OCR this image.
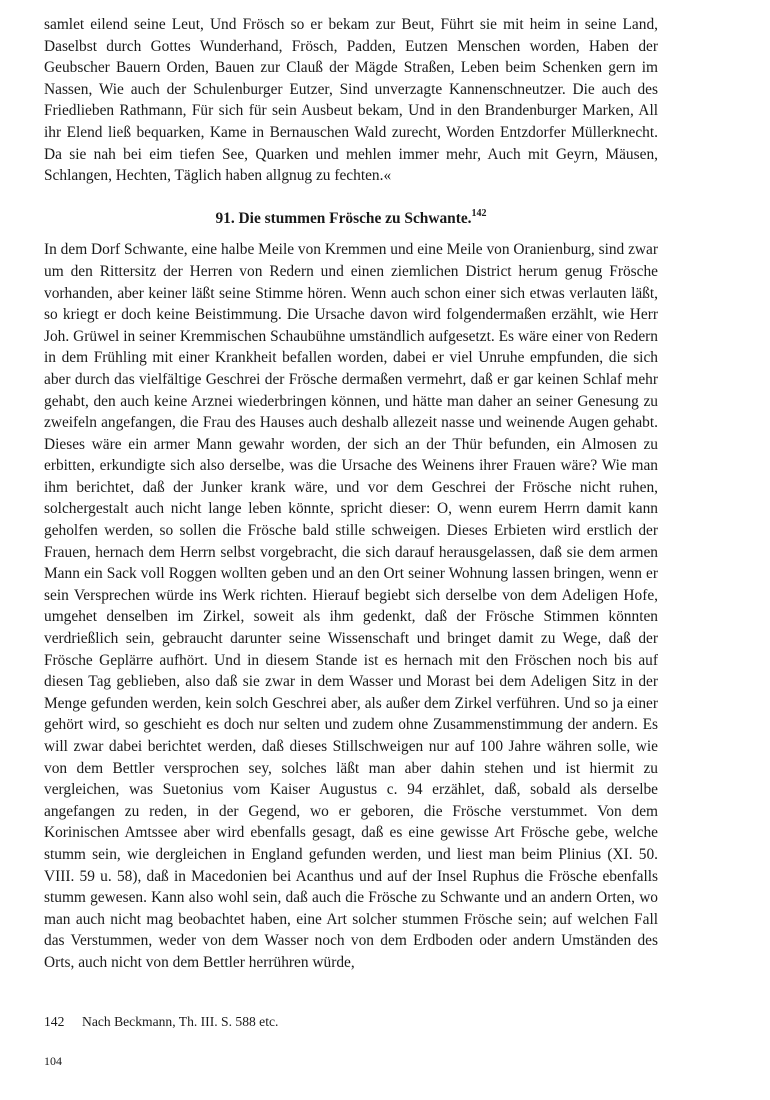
samlet eilend seine Leut, Und Frösch so er bekam zur Beut, Führt sie mit heim in seine Land, Daselbst durch Gottes Wunderhand, Frösch, Padden, Eutzen Menschen worden, Haben der Geubscher Bauern Orden, Bauen zur Clauß der Mägde Straßen, Leben beim Schenken gern im Nassen, Wie auch der Schulenburger Eutzer, Sind unverzagte Kannenschneutzer. Die auch des Friedlieben Rathmann, Für sich für sein Ausbeut bekam, Und in den Brandenburger Marken, All ihr Elend ließ bequarken, Kame in Bernauschen Wald zurecht, Worden Entzdorfer Müllerknecht. Da sie nah bei eim tiefen See, Quarken und mehlen immer mehr, Auch mit Geyrn, Mäusen, Schlangen, Hechten, Täglich haben allgnug zu fechten.«

91. Die stummen Frösche zu Schwante.$^{142}$

In dem Dorf Schwante, eine halbe Meile von Kremmen und eine Meile von Oranienburg, sind zwar um den Rittersitz der Herren von Redern und einen ziemlichen District herum genug Frösche vorhanden, aber keiner läßt seine Stimme hören. Wenn auch schon einer sich etwas verlauten läßt, so kriegt er doch keine Beistimmung. Die Ursache davon wird folgendermaßen erzählt, wie Herr Joh. Grüwel in seiner Kremmischen Schaubühne umständlich aufgesetzt. Es wäre einer von Redern in dem Frühling mit einer Krankheit befallen worden, dabei er viel Unruhe empfunden, die sich aber durch das vielfältige Geschrei der Frösche dermaßen vermehrt, daß er gar keinen Schlaf mehr gehabt, den auch keine Arznei wiederbringen können, und hätte man daher an seiner Genesung zu zweifeln angefangen, die Frau des Hauses auch deshalb allezeit nasse und weinende Augen gehabt. Dieses wäre ein armer Mann gewahr worden, der sich an der Thür befunden, ein Almosen zu erbitten, erkundigte sich also derselbe, was die Ursache des Weinens ihrer Frauen wäre? Wie man ihm berichtet, daß der Junker krank wäre, und vor dem Geschrei der Frösche nicht ruhen, solchergestalt auch nicht lange leben könnte, spricht dieser: O, wenn eurem Herrn damit kann geholfen werden, so sollen die Frösche bald stille schweigen. Dieses Erbieten wird erstlich der Frauen, hernach dem Herrn selbst vorgebracht, die sich darauf herausgelassen, daß sie dem armen Mann ein Sack voll Roggen wollten geben und an den Ort seiner Wohnung lassen bringen, wenn er sein Versprechen würde ins Werk richten. Hierauf begiebt sich derselbe von dem Adeligen Hofe, umgehet denselben im Zirkel, soweit als ihm gedenkt, daß der Frösche Stimmen könnten verdrießlich sein, gebraucht darunter seine Wissenschaft und bringet damit zu Wege, daß der Frösche Geplärre aufhört. Und in diesem Stande ist es hernach mit den Fröschen noch bis auf diesen Tag geblieben, also daß sie zwar in dem Wasser und Morast bei dem Adeligen Sitz in der Menge gefunden werden, kein solch Geschrei aber, als außer dem Zirkel verführen. Und so ja einer gehört wird, so geschieht es doch nur selten und zudem ohne Zusammenstimmung der andern. Es will zwar dabei berichtet werden, daß dieses Stillschweigen nur auf 100 Jahre währen solle, wie von dem Bettler versprochen sey, solches läßt man aber dahin stehen und ist hiermit zu vergleichen, was Suetonius vom Kaiser Augustus c. 94 erzählet, daß, sobald als derselbe angefangen zu reden, in der Gegend, wo er geboren, die Frösche verstummet. Von dem Korinischen Amtssee aber wird ebenfalls gesagt, daß es eine gewisse Art Frösche gebe, welche stumm sein, wie dergleichen in England gefunden werden, und liest man beim Plinius (XI. 50. VIII. 59 u. 58), daß in Macedonien bei Acanthus und auf der Insel Ruphus die Frösche ebenfalls stumm gewesen. Kann also wohl sein, daß auch die Frösche zu Schwante und an andern Orten, wo man auch nicht mag beobachtet haben, eine Art solcher stummen Frösche sein; auf welchen Fall das Verstummen, weder von dem Wasser noch von dem Erdboden oder andern Umständen des Orts, auch nicht von dem Bettler herrühren würde,

142 Nach Beckmann, Th. III. S. 588 etc.
104
